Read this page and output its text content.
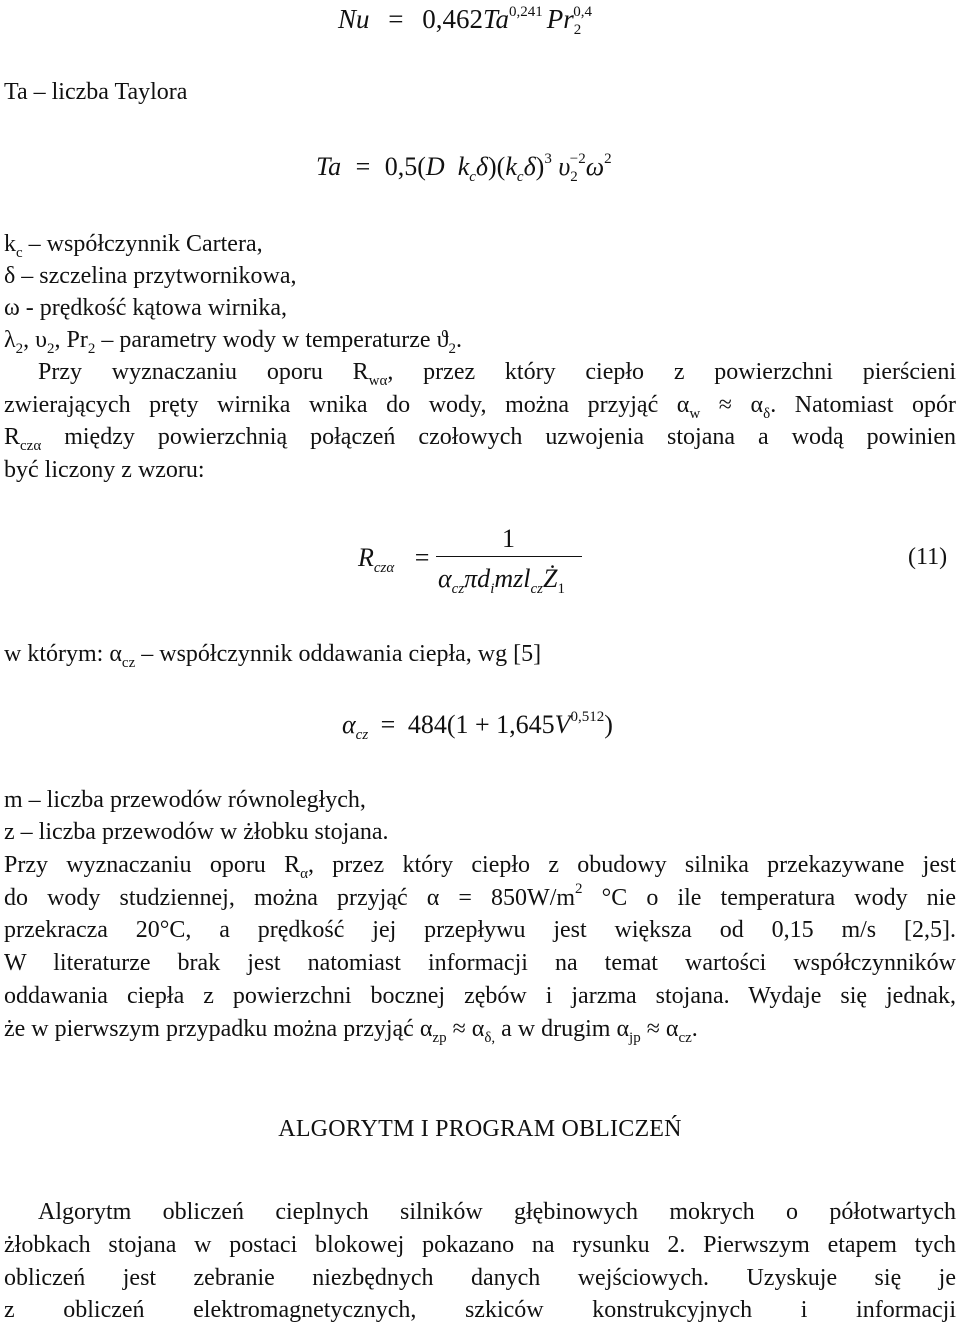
Nu = 0,462Ta$^{0,241}$ $Pr_2^{0,4}$
Ta – liczba Taylora
Ta = 0,5(D  $k_c\delta)(k_c\delta)^3$ $\upsilon_2^{-2}\omega^2$
$k_c$ – współczynnik Cartera,
δ – szczelina przytwornikowa,
ω - prędkość kątowa wirnika,
$\lambda_2$, $\upsilon_2$, $Pr_2$ – parametry wody w temperaturze $ϑ_2$.
Przy wyznaczaniu oporu $R_{w\alpha}$, przez który ciepło z powierzchni pierścieni
zwierających pręty wirnika wnika do wody, można przyjąć $\alpha_w \approx \alpha_\delta$. Natomiast opór
$R_{cz\alpha}$ między powierzchnią połączeń czołowych uzwojenia stojana a wodą powinien
być liczony z wzoru:
$R_{cz\alpha}$ =
1
$\alpha_{cz}\pi d_imzl_{cz}Ż_1$
(11)
w którym: $\alpha_{cz}$ – współczynnik oddawania ciepła, wg [5]
$\alpha_{cz} = 484(1 + 1,645V^{0,512})$
m – liczba przewodów równoległych,
z – liczba przewodów w żłobku stojana.
Przy wyznaczaniu oporu $R_\alpha$, przez który ciepło z obudowy silnika przekazywane jest
do wody studziennej, można przyjąć $\alpha = 850W/m^2$ °C o ile temperatura wody nie
przekracza 20°C, a prędkość jej przepływu jest większa od 0,15 m/s [2,5].
W literaturze brak jest natomiast informacji na temat wartości współczynników
oddawania ciepła z powierzchni bocznej zębów i jarzma stojana. Wydaje się jednak,
że w pierwszym przypadku można przyjąć $\alpha_{zp} \approx \alpha_{\delta,}$ a w drugim $\alpha_{jp} \approx \alpha_{cz}$.
ALGORYTM I PROGRAM OBLICZEŃ
Algorytm obliczeń cieplnych silników głębinowych mokrych o półotwartych
żłobkach stojana w postaci blokowej pokazano na rysunku 2. Pierwszym etapem tych
obliczeń jest zebranie niezbędnych danych wejściowych. Uzyskuje się je
z obliczeń elektromagnetycznych, szkiców konstrukcyjnych i informacji
